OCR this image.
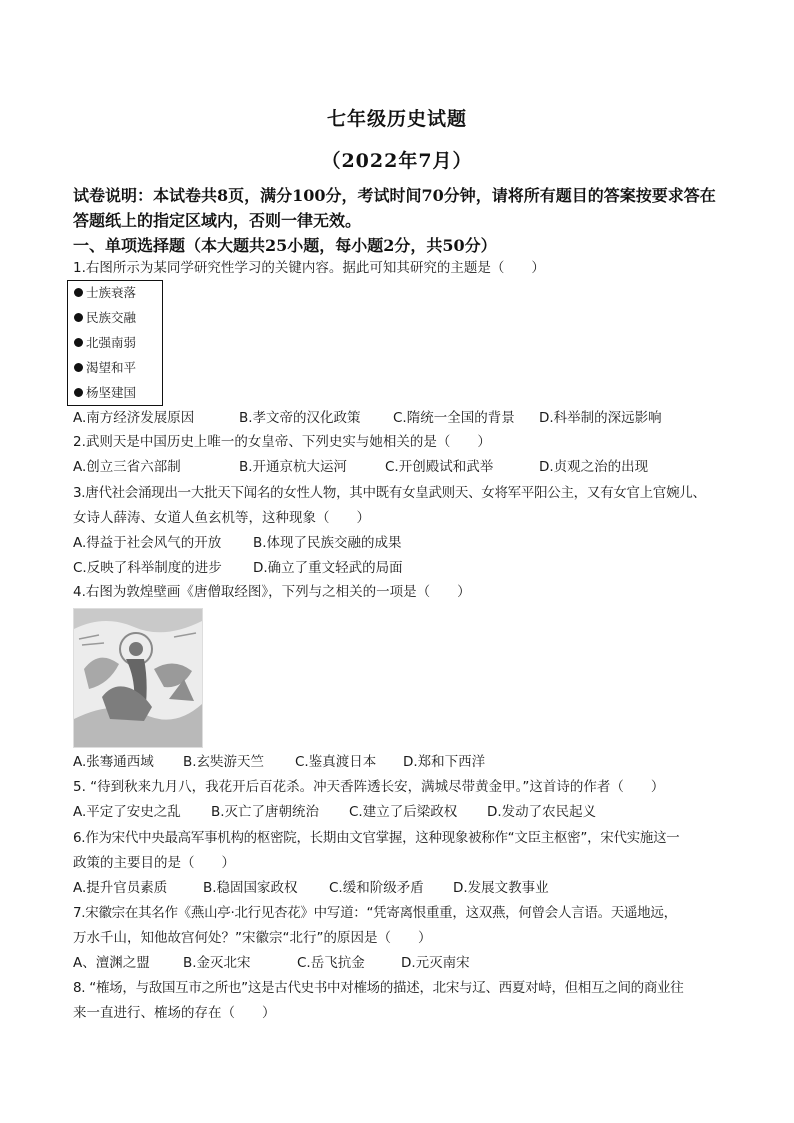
七年级历史试题
（2022年7月）
试卷说明：本试卷共8页，满分100分，考试时间70分钟，请将所有题目的答案按要求答在答题纸上的指定区域内，否则一律无效。
一、单项选择题（本大题共25小题，每小题2分，共50分）
1.右图所示为某同学研究性学习的关键内容。据此可知其研究的主题是（　　）
士族衰落
民族交融
北强南弱
渴望和平
杨坚建国
A.南方经济发展原因	B.孝文帝的汉化政策 C.隋统一全国的背景 D.科举制的深远影响
2.武则天是中国历史上唯一的女皇帝、下列史实与她相关的是（　　）
A.创立三省六部制	B.开通京杭大运河	C.开创殿试和武举	D.贞观之治的出现
3.唐代社会涌现出一大批天下闻名的女性人物，其中既有女皇武则天、女将军平阳公主，又有女官上官婉儿、
女诗人薛涛、女道人鱼玄机等，这种现象（　　）
A.得益于社会风气的开放 B.体现了民族交融的成果
C.反映了科举制度的进步 D.确立了重文轻武的局面
4.右图为敦煌壁画《唐僧取经图》，下列与之相关的一项是（　　）
A.张骞通西域 B.玄奘游天竺 C.鉴真渡日本 D.郑和下西洋
5. “待到秋来九月八，我花开后百花杀。冲天香阵透长安，满城尽带黄金甲。”这首诗的作者（　　）
A.平定了安史之乱 B.灭亡了唐朝统治 C.建立了后梁政权 D.发动了农民起义
6.作为宋代中央最高军事机构的枢密院，长期由文官掌握，这种现象被称作“文臣主枢密”，宋代实施这一
政策的主要目的是（　　）
A.提升官员素质	B.稳固国家政权 C.缓和阶级矛盾 D.发展文教事业
7.宋徽宗在其名作《燕山亭·北行见杏花》中写道：“凭寄离恨重重，这双燕，何曾会人言语。天遥地远，
万水千山，知他故宫何处？”宋徽宗“北行”的原因是（　　）
A、澶渊之盟 B.金灭北宋	C.岳飞抗金	D.元灭南宋
8. “榷场，与敌国互市之所也”这是古代史书中对榷场的描述，北宋与辽、西夏对峙，但相互之间的商业往
来一直进行、榷场的存在（　　）
